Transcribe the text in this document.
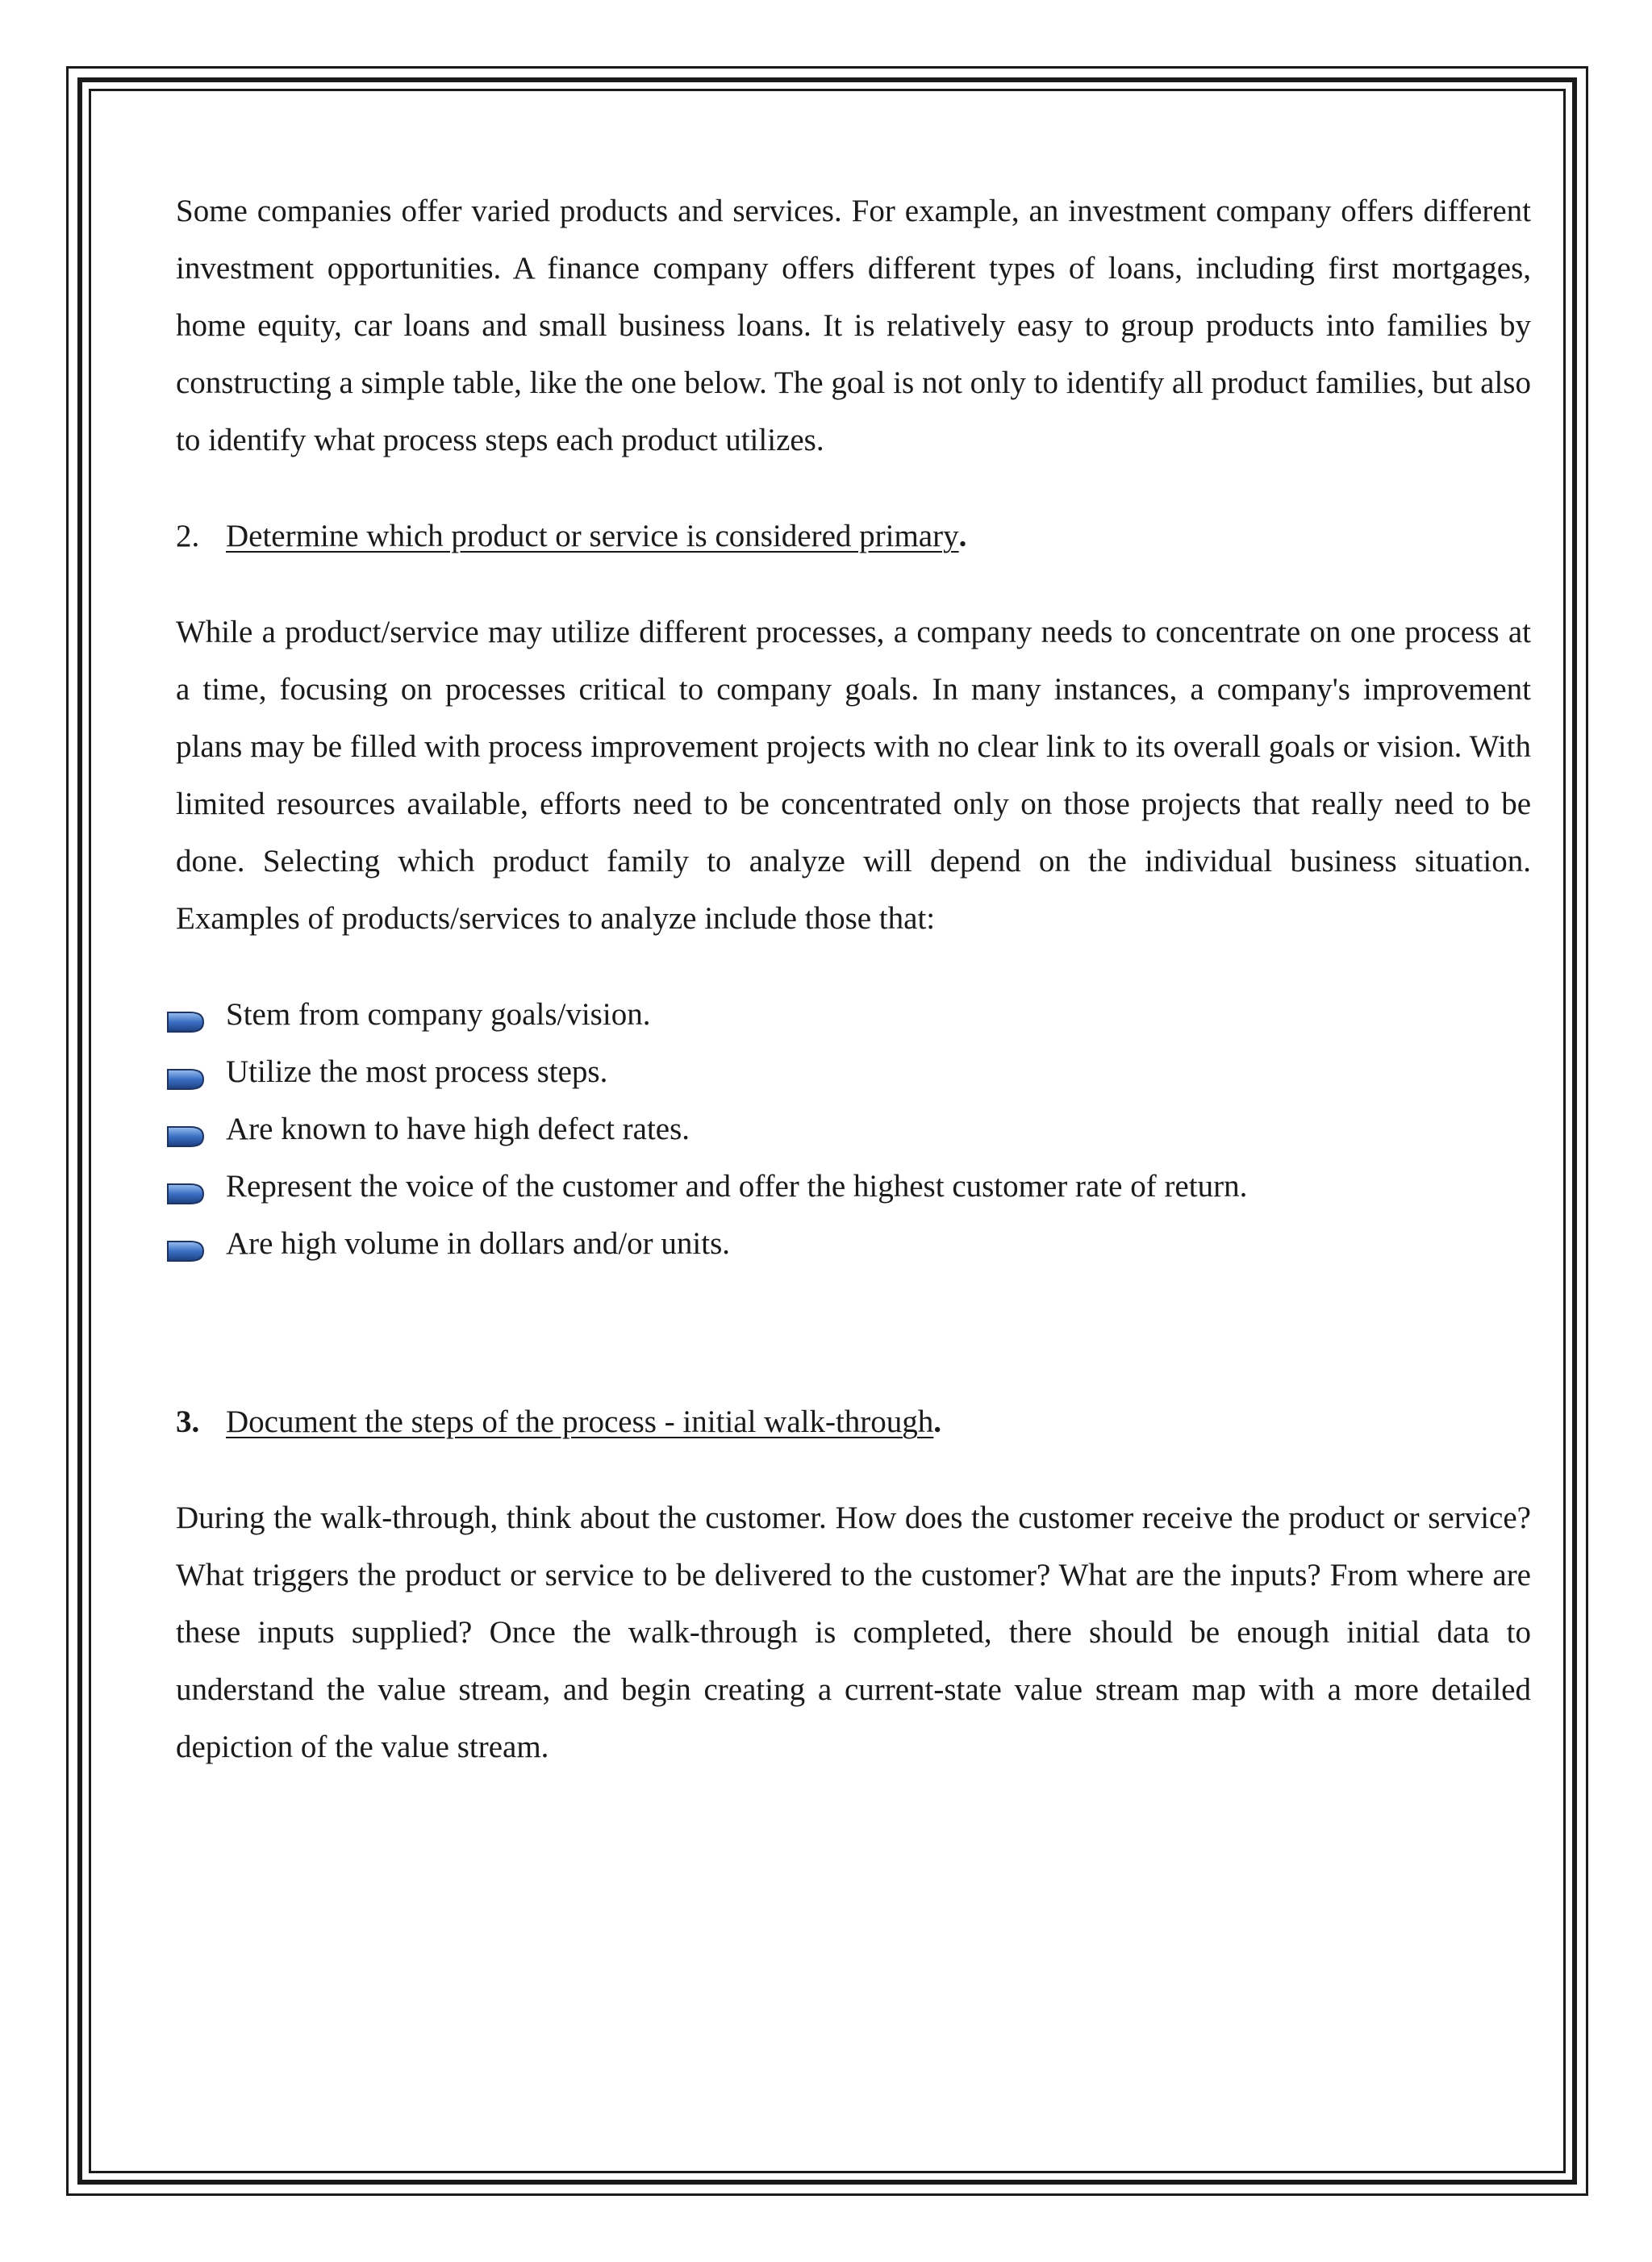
Some companies offer varied products and services. For example, an investment company offers different investment opportunities. A finance company offers different types of loans, including first mortgages, home equity, car loans and small business loans. It is relatively easy to group products into families by constructing a simple table, like the one below. The goal is not only to identify all product families, but also to identify what process steps each product utilizes.

2. Determine which product or service is considered primary.

While a product/service may utilize different processes, a company needs to concentrate on one process at a time, focusing on processes critical to company goals. In many instances, a company's improvement plans may be filled with process improvement projects with no clear link to its overall goals or vision. With limited resources available, efforts need to be concentrated only on those projects that really need to be done. Selecting which product family to analyze will depend on the individual business situation. Examples of products/services to analyze include those that:

Stem from company goals/vision.
Utilize the most process steps.
Are known to have high defect rates.
Represent the voice of the customer and offer the highest customer rate of return.
Are high volume in dollars and/or units.

3. Document the steps of the process - initial walk-through.

During the walk-through, think about the customer. How does the customer receive the product or service? What triggers the product or service to be delivered to the customer? What are the inputs? From where are these inputs supplied? Once the walk-through is completed, there should be enough initial data to understand the value stream, and begin creating a current-state value stream map with a more detailed depiction of the value stream.
